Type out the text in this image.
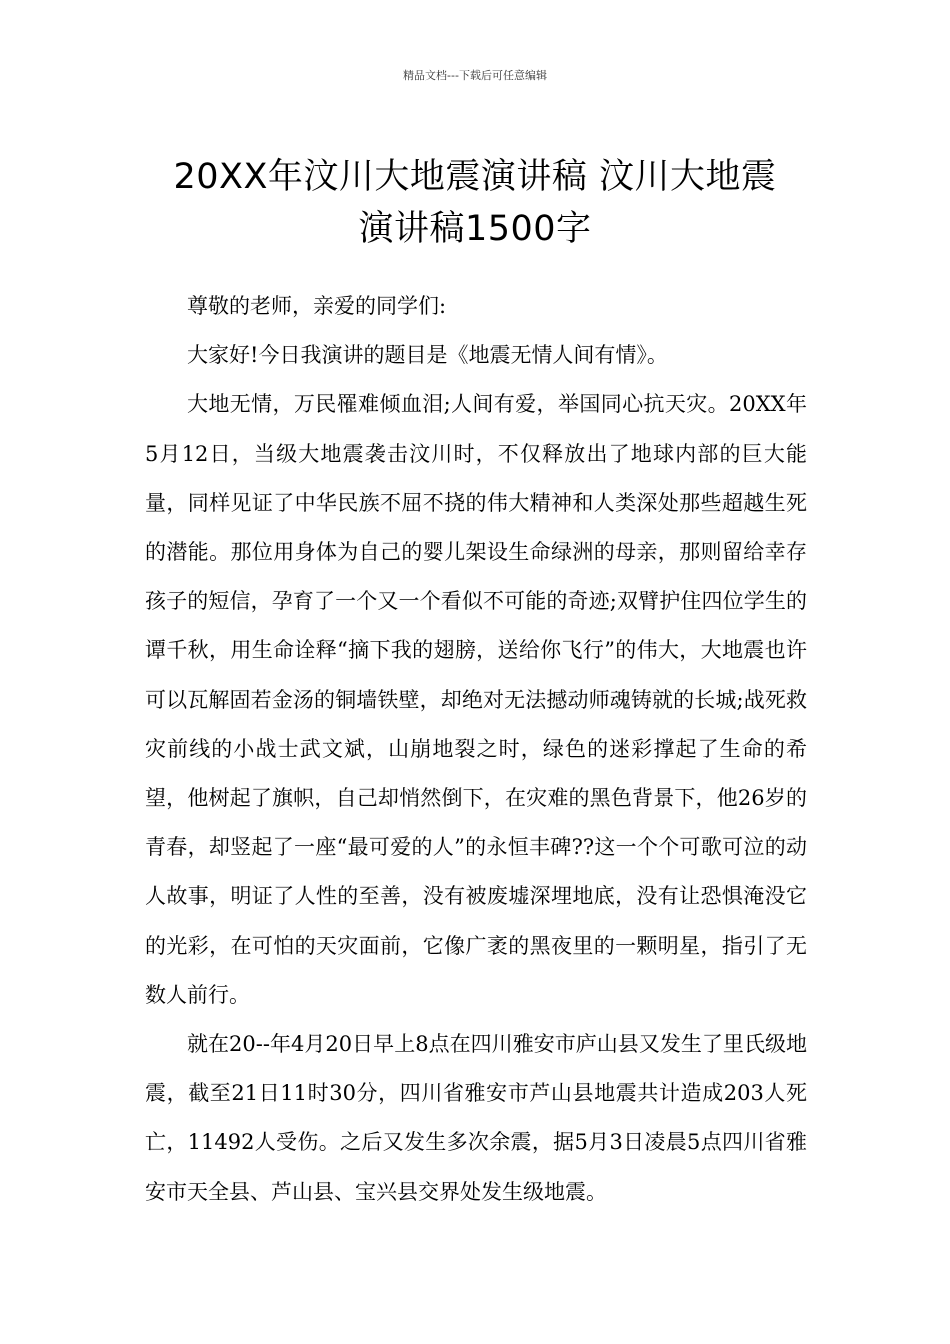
精品文档---下载后可任意编辑
20XX年汶川大地震演讲稿 汶川大地震
演讲稿1500字

尊敬的老师，亲爱的同学们:

大家好!今日我演讲的题目是《地震无情人间有情》。

大地无情，万民罹难倾血泪;人间有爱，举国同心抗天灾。20XX年5月12日，当级大地震袭击汶川时，不仅释放出了地球内部的巨大能量，同样见证了中华民族不屈不挠的伟大精神和人类深处那些超越生死的潜能。那位用身体为自己的婴儿架设生命绿洲的母亲，那则留给幸存孩子的短信，孕育了一个又一个看似不可能的奇迹;双臂护住四位学生的谭千秋，用生命诠释“摘下我的翅膀，送给你飞行”的伟大，大地震也许可以瓦解固若金汤的铜墙铁壁，却绝对无法撼动师魂铸就的长城;战死救灾前线的小战士武文斌，山崩地裂之时，绿色的迷彩撑起了生命的希望，他树起了旗帜，自己却悄然倒下，在灾难的黑色背景下，他26岁的青春，却竖起了一座“最可爱的人”的永恒丰碑??这一个个可歌可泣的动人故事，明证了人性的至善，没有被废墟深埋地底，没有让恐惧淹没它的光彩，在可怕的天灾面前，它像广袤的黑夜里的一颗明星，指引了无数人前行。

就在20--年4月20日早上8点在四川雅安市庐山县又发生了里氏级地震，截至21日11时30分，四川省雅安市芦山县地震共计造成203人死亡，11492人受伤。之后又发生多次余震，据5月3日凌晨5点四川省雅安市天全县、芦山县、宝兴县交界处发生级地震。
